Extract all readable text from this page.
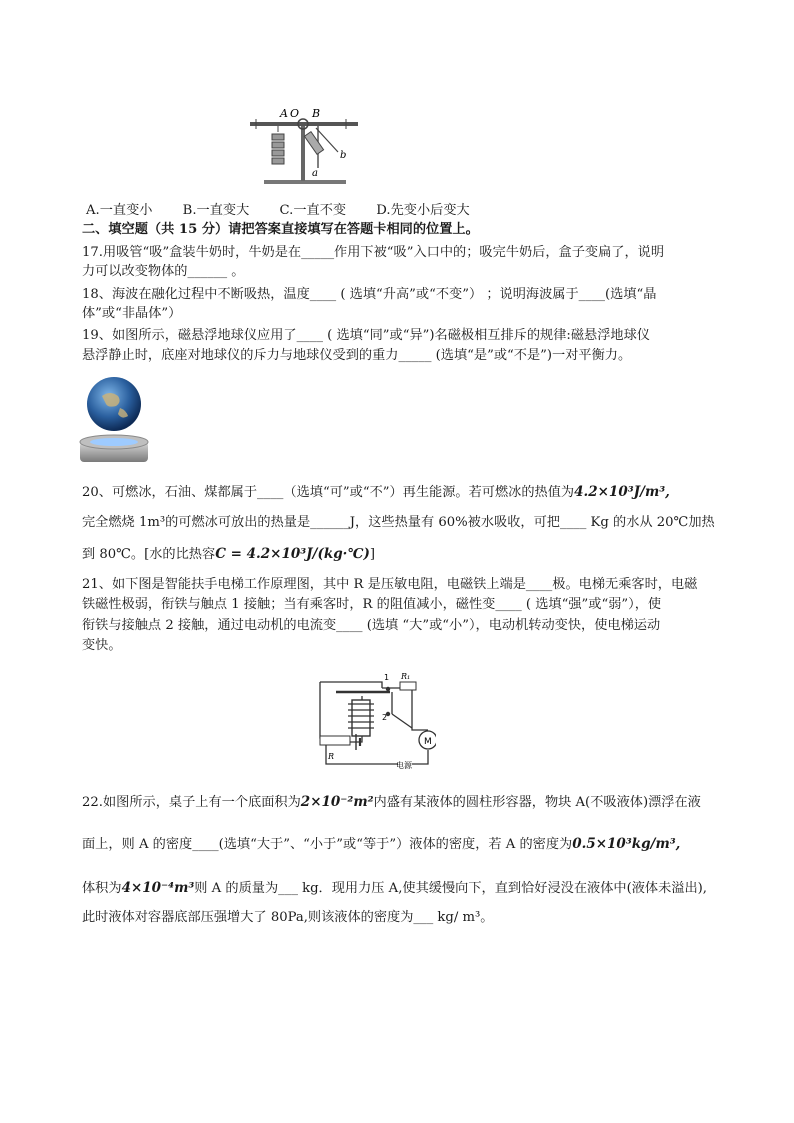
A O B
a
b
A.一直变小 B.一直变大 C.一直不变 D.先变小后变大
二、填空题（共 15 分）请把答案直接填写在答题卡相同的位置上。
17.用吸管“吸”盒装牛奶时，牛奶是在_____作用下被“吸”入口中的；吸完牛奶后，盒子变扁了，说明
力可以改变物体的______ 。
18、海波在融化过程中不断吸热，温度____ ( 选填“升高”或“不变”） ；说明海波属于____(选填“晶
体”或“非晶体”）
19、如图所示，磁悬浮地球仪应用了____ ( 选填“同”或“异”)名磁极相互排斥的规律:磁悬浮地球仪
悬浮静止时，底座对地球仪的斥力与地球仪受到的重力_____ (选填“是”或“不是”)一对平衡力。
20、可燃冰，石油、煤都属于____（选填“可”或“不”）再生能源。若可燃冰的热值为4.2×10³J/m³,
完全燃烧 1m³的可燃冰可放出的热量是______J，这些热量有 60%被水吸收，可把____ Kg 的水从 20℃加热
到 80℃。[水的比热容C = 4.2×10³J/(kg·℃)]
21、如下图是智能扶手电梯工作原理图，其中 R 是压敏电阻，电磁铁上端是____极。电梯无乘客时，电磁
铁磁性极弱，衔铁与触点 1 接触；当有乘客时，R 的阻值减小，磁性变____ ( 选填“强”或“弱”），使
衔铁与接触点 2 接触，通过电动机的电流变____ (选填 “大”或“小”），电动机转动变快，使电梯运动
变快。
1
2
R₁
M
R
电源
22.如图所示，桌子上有一个底面积为2×10⁻²m²内盛有某液体的圆柱形容器，物块 A(不吸液体)漂浮在液
面上，则 A 的密度____(选填“大于”、“小于”或“等于”）液体的密度，若 A 的密度为0.5×10³kg/m³,
体积为4×10⁻⁴m³则 A 的质量为___ kg．现用力压 A,使其缓慢向下，直到恰好浸没在液体中(液体未溢出),
此时液体对容器底部压强增大了 80Pa,则该液体的密度为___ kg/ m³。
